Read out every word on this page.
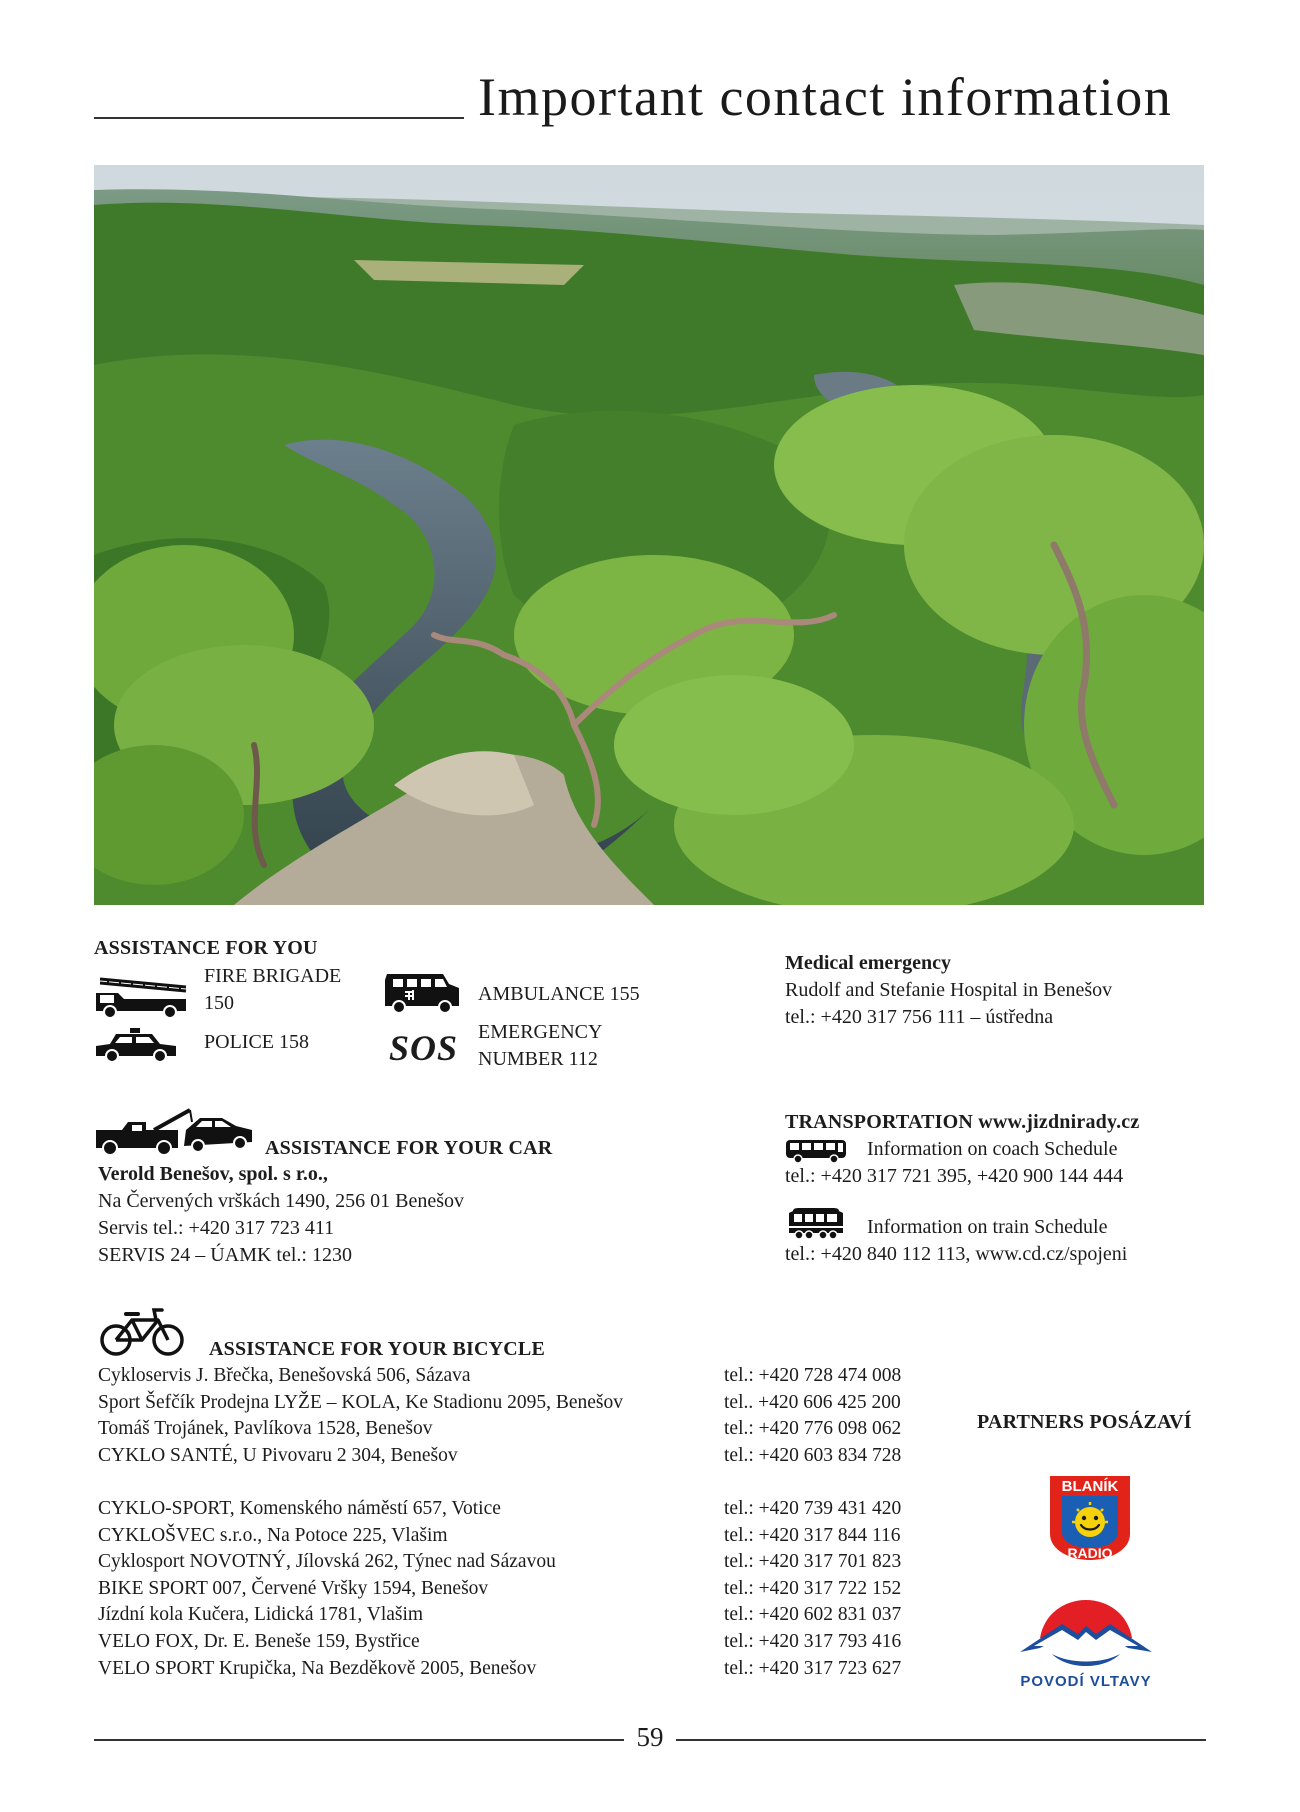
Important contact information
ASSISTANCE FOR YOU
FIRE BRIGADE
150
POLICE 158
AMBULANCE 155
SOS EMERGENCY
NUMBER 112
Medical emergency
Rudolf and Stefanie Hospital in Benešov
tel.: +420 317 756 111 – ústředna
ASSISTANCE FOR YOUR CAR
Verold Benešov, spol. s r.o.,
Na Červených vrškách 1490, 256 01 Benešov
Servis tel.: +420 317 723 411
SERVIS 24 – ÚAMK tel.: 1230
TRANSPORTATION www.jizdnirady.cz
Information on coach Schedule
tel.: +420 317 721 395, +420 900 144 444
Information on train Schedule
tel.: +420 840 112 113, www.cd.cz/spojeni
ASSISTANCE FOR YOUR BICYCLE
Cykloservis J. Břečka, Benešovská 506, Sázava
Sport Šefčík Prodejna LYŽE – KOLA, Ke Stadionu 2095, Benešov
Tomáš Trojánek, Pavlíkova 1528, Benešov
CYKLO SANTÉ, U Pivovaru 2 304, Benešov
tel.: +420 728 474 008
tel.. +420 606 425 200
tel.: +420 776 098 062
tel.: +420 603 834 728
CYKLO-SPORT, Komenského náměstí 657, Votice
CYKLOŠVEC s.r.o., Na Potoce 225, Vlašim
Cyklosport NOVOTNÝ, Jílovská 262, Týnec nad Sázavou
BIKE SPORT 007, Červené Vršky 1594, Benešov
Jízdní kola Kučera, Lidická 1781, Vlašim
VELO FOX, Dr. E. Beneše 159, Bystřice
VELO SPORT Krupička, Na Bezděkově 2005, Benešov
tel.: +420 739 431 420
tel.: +420 317 844 116
tel.: +420 317 701 823
tel.: +420 317 722 152
tel.: +420 602 831 037
tel.: +420 317 793 416
tel.: +420 317 723 627
PARTNERS POSÁZAVÍ
BLANÍK
RADIO
POVODÍ VLTAVY
59
